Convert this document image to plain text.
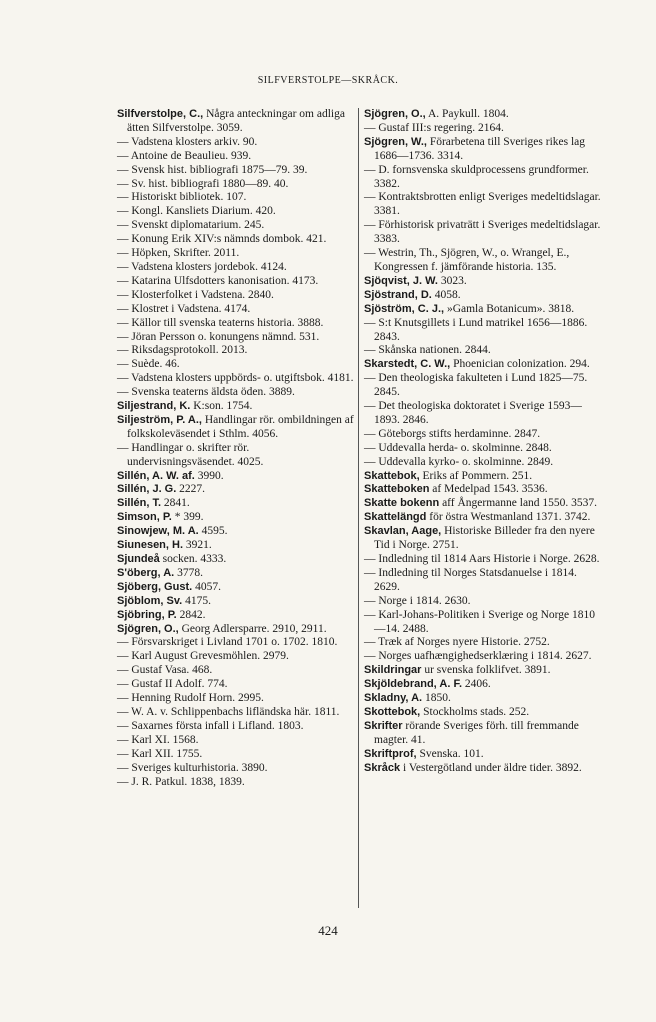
SILFVERSTOLPE—SKRÅCK.

Silfverstolpe, C., Några anteckningar om adliga ätten Silfverstolpe. 3059.

— Vadstena klosters arkiv. 90.

— Antoine de Beaulieu. 939.

— Svensk hist. bibliografi 1875—79. 39.

— Sv. hist. bibliografi 1880—89. 40.

— Historiskt bibliotek. 107.

— Kongl. Kansliets Diarium. 420.

— Svenskt diplomatarium. 245.

— Konung Erik XIV:s nämnds dombok. 421.

— Höpken, Skrifter. 2011.

— Vadstena klosters jordebok. 4124.

— Katarina Ulfsdotters kanonisation. 4173.

— Klosterfolket i Vadstena. 2840.

— Klostret i Vadstena. 4174.

— Källor till svenska teaterns historia. 3888.

— Jöran Persson o. konungens nämnd. 531.

— Riksdagsprotokoll. 2013.

— Suède. 46.

— Vadstena klosters uppbörds- o. utgiftsbok. 4181.

— Svenska teaterns äldsta öden. 3889.

Siljestrand, K. K:son. 1754.

Siljeström, P. A., Handlingar rör. ombildningen af folkskoleväsendet i Sthlm. 4056.

— Handlingar o. skrifter rör. undervisningsväsendet. 4025.

Sillén, A. W. af. 3990.

Sillén, J. G. 2227.

Sillén, T. 2841.

Simson, P. * 399.

Sinowjew, M. A. 4595.

Siunesen, H. 3921.

Sjundeå socken. 4333.

S'öberg, A. 3778.

Sjöberg, Gust. 4057.

Sjöblom, Sv. 4175.

Sjöbring, P. 2842.

Sjögren, O., Georg Adlersparre. 2910, 2911.

— Försvarskriget i Livland 1701 o. 1702. 1810.

— Karl August Grevesmöhlen. 2979.

— Gustaf Vasa. 468.

— Gustaf II Adolf. 774.

— Henning Rudolf Horn. 2995.

— W. A. v. Schlippenbachs lifländska här. 1811.

— Saxarnes första infall i Lifland. 1803.

— Karl XI. 1568.

— Karl XII. 1755.

— Sveriges kulturhistoria. 3890.

— J. R. Patkul. 1838, 1839.

Sjögren, O., A. Paykull. 1804.

— Gustaf III:s regering. 2164.

Sjögren, W., Förarbetena till Sveriges rikes lag 1686—1736. 3314.

— D. fornsvenska skuldprocessens grundformer. 3382.

— Kontraktsbrotten enligt Sveriges medeltidslagar. 3381.

— Förhistorisk privaträtt i Sveriges medeltidslagar. 3383.

— Westrin, Th., Sjögren, W., o. Wrangel, E., Kongressen f. jämförande historia. 135.

Sjöqvist, J. W. 3023.

Sjöstrand, D. 4058.

Sjöström, C. J., »Gamla Botanicum». 3818.

— S:t Knutsgillets i Lund matrikel 1656—1886. 2843.

— Skånska nationen. 2844.

Skarstedt, C. W., Phoenician colonization. 294.

— Den theologiska fakulteten i Lund 1825—75. 2845.

— Det theologiska doktoratet i Sverige 1593—1893. 2846.

— Göteborgs stifts herdaminne. 2847.

— Uddevalla herda- o. skolminne. 2848.

— Uddevalla kyrko- o. skolminne. 2849.

Skattebok, Eriks af Pommern. 251.

Skatteboken af Medelpad 1543. 3536.

Skatte bokenn aff Ångermanne land 1550. 3537.

Skattelängd för östra Westmanland 1371. 3742.

Skavlan, Aage, Historiske Billeder fra den nyere Tid i Norge. 2751.

— Indledning til 1814 Aars Historie i Norge. 2628.

— Indledning til Norges Statsdanuelse i 1814. 2629.

— Norge i 1814. 2630.

— Karl-Johans-Politiken i Sverige og Norge 1810—14. 2488.

— Træk af Norges nyere Historie. 2752.

— Norges uafhængighedserklæring i 1814. 2627.

Skildringar ur svenska folklifvet. 3891.

Skjöldebrand, A. F. 2406.

Skladny, A. 1850.

Skottebok, Stockholms stads. 252.

Skrifter rörande Sveriges förh. till fremmande magter. 41.

Skriftprof, Svenska. 101.

Skråck i Vestergötland under äldre tider. 3892.

424
